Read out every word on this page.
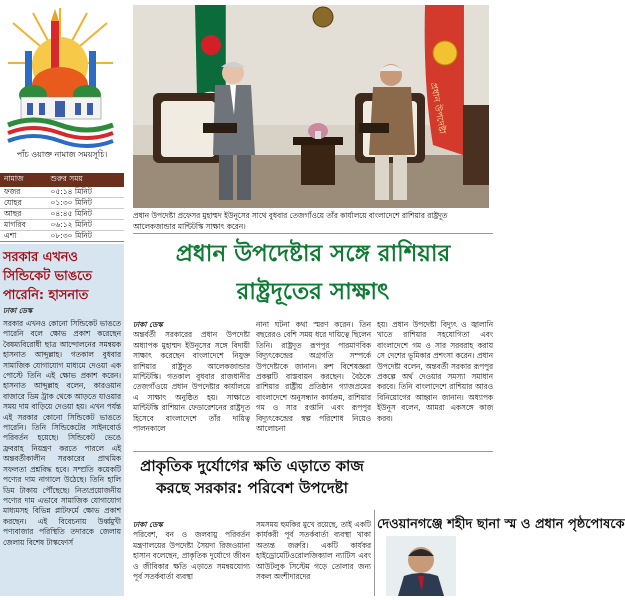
পাঁচ ওয়াক্ত নামাজ সময়সূচি।
নামাজ	শুরুর সময়
ফজর	০৫:১৪ মিনিট
যোহর	০১:৩০ মিনিট
আছর	০৪:৪৫ মিনিট
মাগরিব	০৬:১২ মিনিট
এশা	০৮:৩০ মিনিট
সরকার এখনও সিন্ডিকেট ভাঙতে পারেনি: হাসনাত
ঢাকা ডেস্ক

সরকার এখনও কোনো সিন্ডিকেট ভাঙতে পারেনি বলে ক্ষোভ প্রকাশ করেছেন বৈষম্যবিরোধী ছাত্র আন্দোলনের সমন্বয়ক হাসনাত আব্দুল্লাহ। গতকাল বুধবার সামাজিক যোগাযোগ মাধ্যমে দেওয়া এক পোস্টে তিনি এই ক্ষোভ প্রকাশ করেন। হাসনাত আব্দুল্লাহ বলেন, কারওয়ান বাজারে ডিম ট্রাক থেকে আড়তে যাওয়ার সময় দাম বাড়িয়ে দেওয়া হয়। এখন পর্যন্ত এই সরকার কোনো সিন্ডিকেট ভাঙতে পারেনি। তিনি সিন্ডিকেটের সাইনবোর্ড পরিবর্তন হয়েছে। সিন্ডিকেট ভেঙে ফ্রবরাহ নিয়ন্ত্রণ করতে পারলে এই অন্তবর্তীকালীন সরকারের প্রাথমিক সফলতা প্রশ্নবিদ্ধ হবে। সম্প্রতি কয়েকটি পণ্যের দাম নাগালে উঠেছে। তিনি হালি ডিম টাকায় পৌঁছেছে। নিত্যপ্রয়োজনীয় পণ্যের দাম এভাবে সামাজিক যোগাযোগ মাধ্যমসহ বিভিন্ন প্লাটফর্মে ক্ষোভ প্রকাশ করছেন। এই বিবেচনায় উর্ধ্বমুখী পণ্যবাজার পরিস্থিতি তদারকে জেলায় জেলায় বিশেষ টাস্কফোর্স

প্রধান উপদেষ্টা
প্রধান উপদেষ্টা প্রফেসর মুহাম্মদ ইউনূসের সাথে বুধবার তেজগাঁওয়ে তাঁর কার্যালয়ে বাংলাদেশে রাশিয়ার রাষ্ট্রদূত আলেকজান্ডার মান্টিটস্কি সাক্ষাৎ করেন।
প্রধান উপদেষ্টার সঙ্গে রাশিয়ার
রাষ্ট্রদূতের সাক্ষাৎ
ঢাকা ডেস্ক
অন্তর্বর্তী সরকারের প্রধান উপদেষ্টা অধ্যাপক মুহাম্মদ ইউনূসের সঙ্গে বিদায়ী সাক্ষাৎ করেছেন বাংলাদেশে নিযুক্ত রাশিয়ার রাষ্ট্রদূত আলেকজান্ডার মান্টিটস্কি। গতকাল বুধবার রাজধানীর তেজগাঁওয়ে প্রধান উপদেষ্টার কার্যালয়ে এ সাক্ষাৎ অনুষ্ঠিত হয়। সাক্ষাতে মান্টিটস্কি রাশিয়ান ফেডারেশনের রাষ্ট্রদূত হিসেবে বাংলাদেশে তাঁর দায়িত্ব পালনকালে
নানা ঘটনা কথা স্মরণ করেন। তিন বছরেরও বেশি সময় ধরে দায়িত্বে ছিলেন তিনি। রাষ্ট্রদূত রূপপুর পারমাণবিক বিদ্যুৎকেন্দ্রের অগ্রগতি সম্পর্কে উপদেষ্টাকে জানান। রুশ বিশেষজ্ঞরা প্রকল্পটি বাস্তবায়ন করছেন। বৈঠকে রাশিয়ার রাষ্ট্রীয় প্রতিষ্ঠান গ্যাজপ্রমের বাংলাদেশে অনুসন্ধান কার্যক্রম, রাশিয়ার গম ও সার রপ্তানি এবং রূপপুর বিদ্যুৎকেন্দ্রের স্বল্প পরিশোধ নিয়েও আলোচনা
হয়। প্রধান উপদেষ্টা বিদ্যুৎ ও জ্বালানি খাতে রাশিয়ার সহযোগিতা এবং বাংলাদেশে গম ও সার সরবরাহ করায় সে দেশের ভূমিকার প্রশংসা করেন। প্রধান উপদেষ্টা বলেন, অন্তবর্তী সরকার রূপপুর প্রকল্পে অর্থ দেওয়ার সমস্যা সমাধান করবে। তিনি বাংলাদেশে রাশিয়ার আরও বিনিয়োগের আহ্বান জানান। অধ্যাপক ইউনূস বলেন, আমরা একসঙ্গে কাজ করব।
প্রাকৃতিক দুর্যোগের ক্ষতি এড়াতে কাজ করছে সরকার: পরিবেশ উপদেষ্টা
ঢাকা ডেস্ক
পরিবেশ, বন ও জলবায়ু পরিবর্তন মন্ত্রণালয়ের উপদেষ্টা সৈয়দা রিজওয়ানা হাসান বলেছেন, প্রাকৃতিক দুর্যোগে জীবন ও জীবিকার ক্ষতি এড়াতে সমন্বয়যোগ্য পূর্ব সতর্কবার্তা ব্যবস্থা
সমসময় হুমকির মুখে রয়েছে, তাই একটি কার্যকরী পূর্ব সতর্কবার্তা ব্যবস্থা খাকা অত্যন্ত জরুরি। একটি কার্যকর হাইড্রোমেটিওরোলজিক্যাল ন্যাটিস এবং আউটলুক সিস্টেম গড়ে তোলার জন্য সকল অংশীদারদের
দেওয়ানগঞ্জে শহীদ ছানা স্ম ও প্রধান পৃষ্ঠপোষকে
